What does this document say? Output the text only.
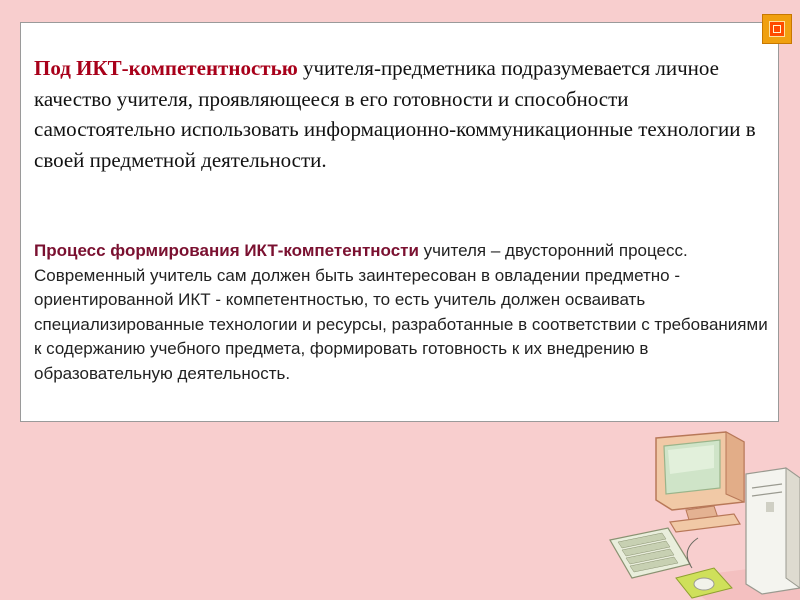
Под ИКТ-компетентностью учителя-предметника подразумевается личное качество учителя, проявляющееся в его готовности и способности самостоятельно использовать информационно-коммуникационные технологии в своей предметной деятельности.

Процесс формирования ИКТ-компетентности учителя – двусторонний процесс. Современный учитель сам должен быть заинтересован в овладении предметно - ориентированной ИКТ - компетентностью, то есть учитель должен осваивать специализированные технологии и ресурсы, разработанные в соответствии с требованиями к содержанию учебного предмета, формировать готовность к их внедрению в образовательную деятельность.
